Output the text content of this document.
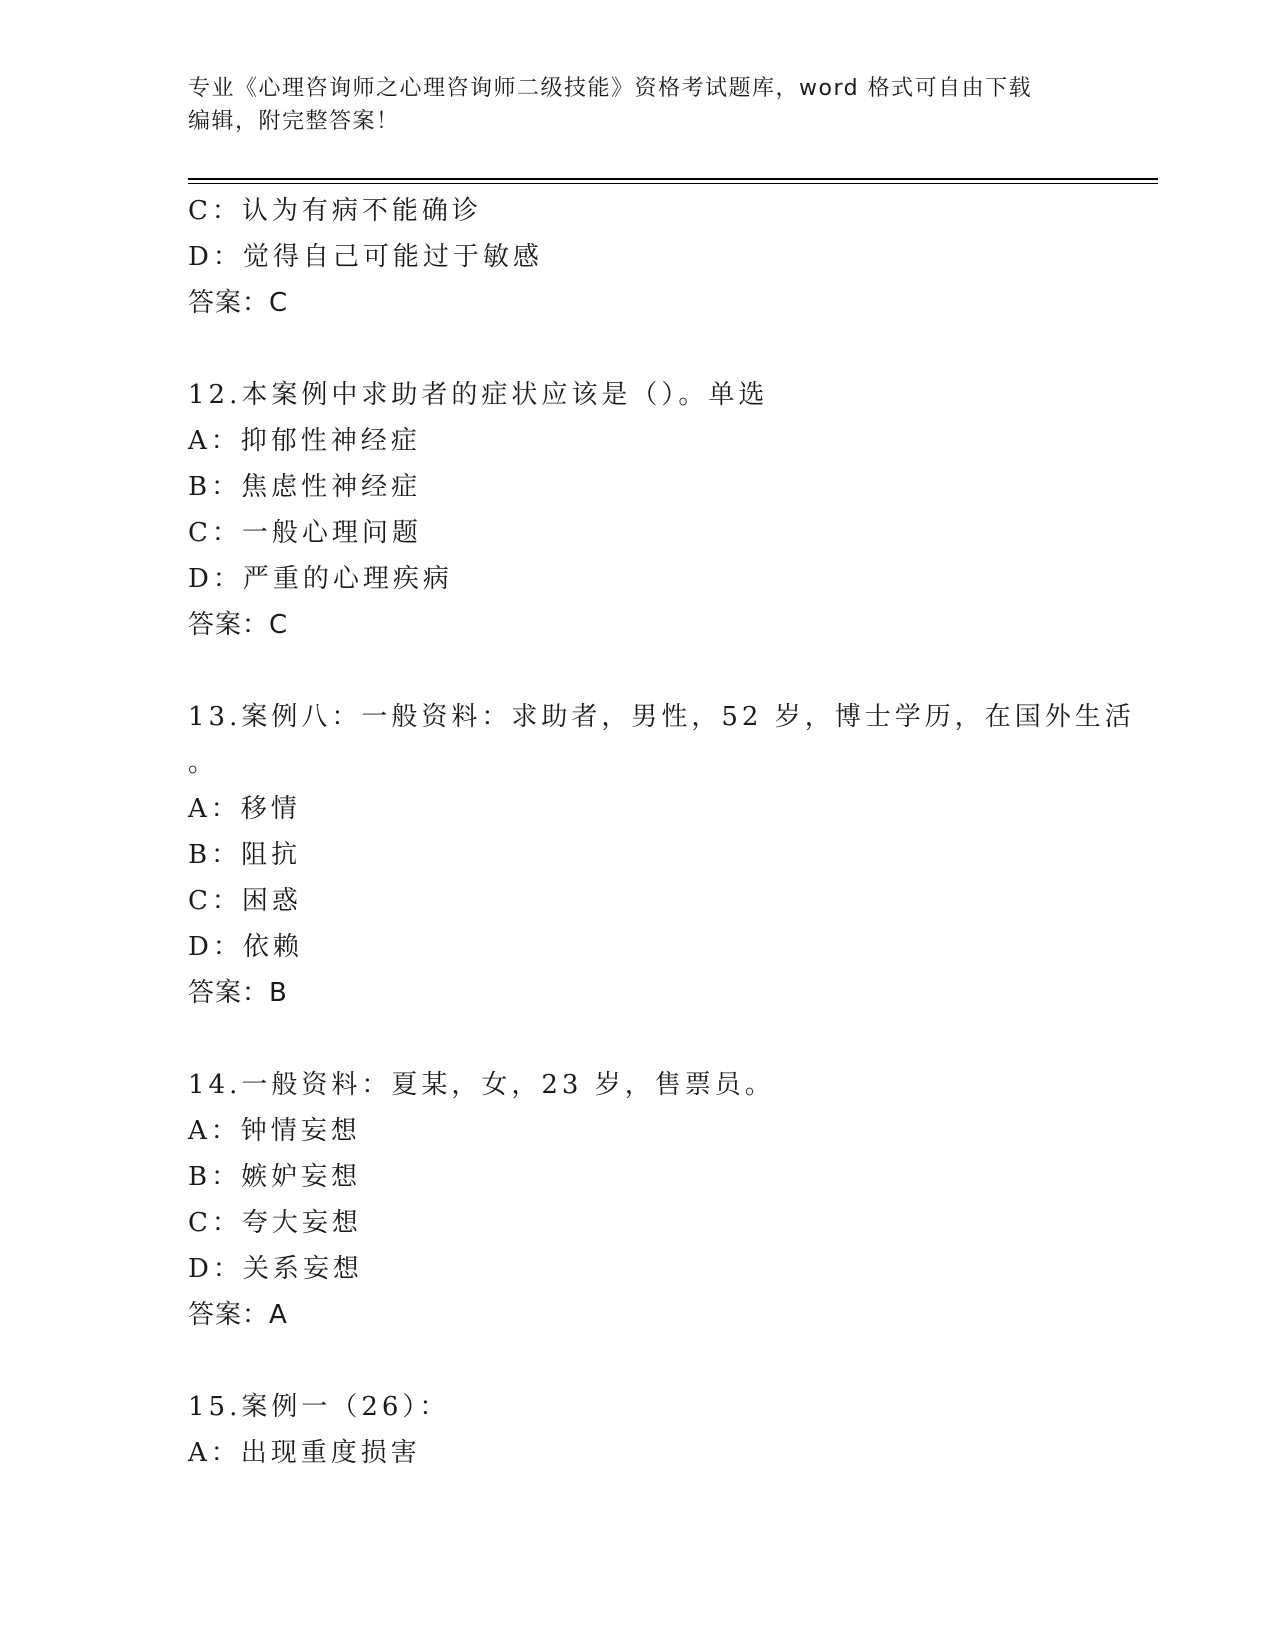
专业《心理咨询师之心理咨询师二级技能》资格考试题库，word 格式可自由下载
编辑，附完整答案！
C：认为有病不能确诊
D：觉得自己可能过于敏感
答案：C
12.本案例中求助者的症状应该是（）。单选
A：抑郁性神经症
B：焦虑性神经症
C：一般心理问题
D：严重的心理疾病
答案：C
13.案例八：一般资料：求助者，男性，52 岁，博士学历，在国外生活
。
A：移情
B：阻抗
C：困惑
D：依赖
答案：B
14.一般资料：夏某，女，23 岁，售票员。
A：钟情妄想
B：嫉妒妄想
C：夸大妄想
D：关系妄想
答案：A
15.案例一（26）：
A：出现重度损害
